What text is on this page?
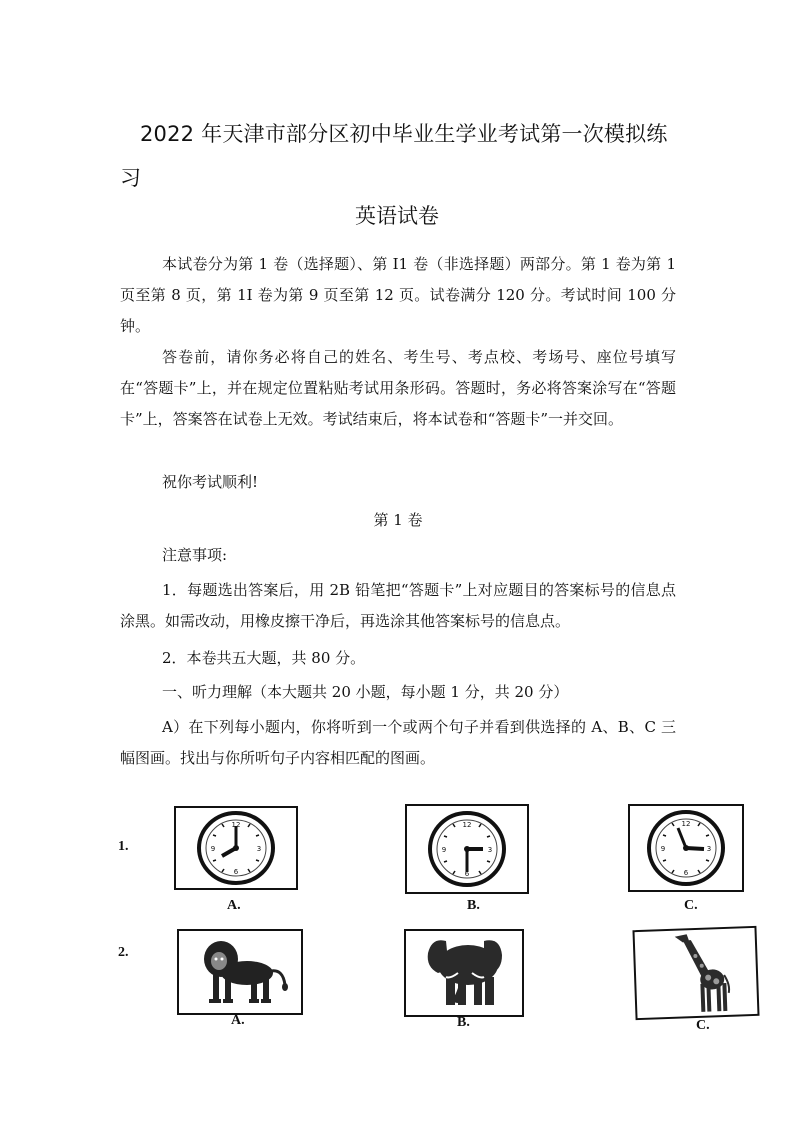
2022 年天津市部分区初中毕业生学业考试第一次模拟练习
英语试卷
本试卷分为第 1 卷（选择题）、第 I1 卷（非选择题）两部分。第 1 卷为第 1 页至第 8 页，第 1I 卷为第 9 页至第 12 页。试卷满分 120 分。考试时间 100 分钟。
答卷前，请你务必将自己的姓名、考生号、考点校、考场号、座位号填写在“答题卡”上，并在规定位置粘贴考试用条形码。答题时，务必将答案涂写在“答题卡”上，答案答在试卷上无效。考试结束后，将本试卷和“答题卡”一并交回。
祝你考试顺利!
第 1 卷
注意事项:
1．每题选出答案后，用 2B 铅笔把“答题卡”上对应题目的答案标号的信息点涂黑。如需改动，用橡皮擦干净后，再选涂其他答案标号的信息点。
2．本卷共五大题，共 80 分。
一、听力理解（本大题共 20 小题，每小题 1 分，共 20 分）
A）在下列每小题内，你将听到一个或两个句子并看到供选择的 A、B、C 三幅图画。找出与你所听句子内容相匹配的图画。
1.
12
3
6
9
A.
12
3
6
9
B.
12
3
6
9
C.
2.
A.	B.	C.
